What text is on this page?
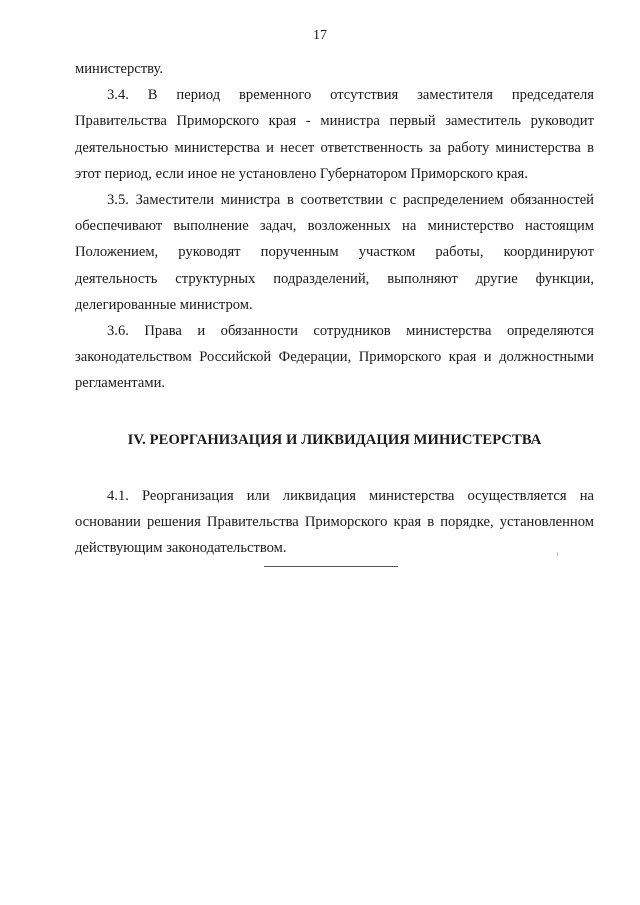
17

министерству.

3.4. В период временного отсутствия заместителя председателя Правительства Приморского края - министра первый заместитель руководит деятельностью министерства и несет ответственность за работу министерства в этот период, если иное не установлено Губернатором Приморского края.

3.5. Заместители министра в соответствии с распределением обязанностей обеспечивают выполнение задач, возложенных на министерство настоящим Положением, руководят порученным участком работы, координируют деятельность структурных подразделений, выполняют другие функции, делегированные министром.

3.6. Права и обязанности сотрудников министерства определяются законодательством Российской Федерации, Приморского края и должностными регламентами.

IV. РЕОРГАНИЗАЦИЯ И ЛИКВИДАЦИЯ МИНИСТЕРСТВА

4.1. Реорганизация или ликвидация министерства осуществляется на основании решения Правительства Приморского края в порядке, установленном действующим законодательством.
